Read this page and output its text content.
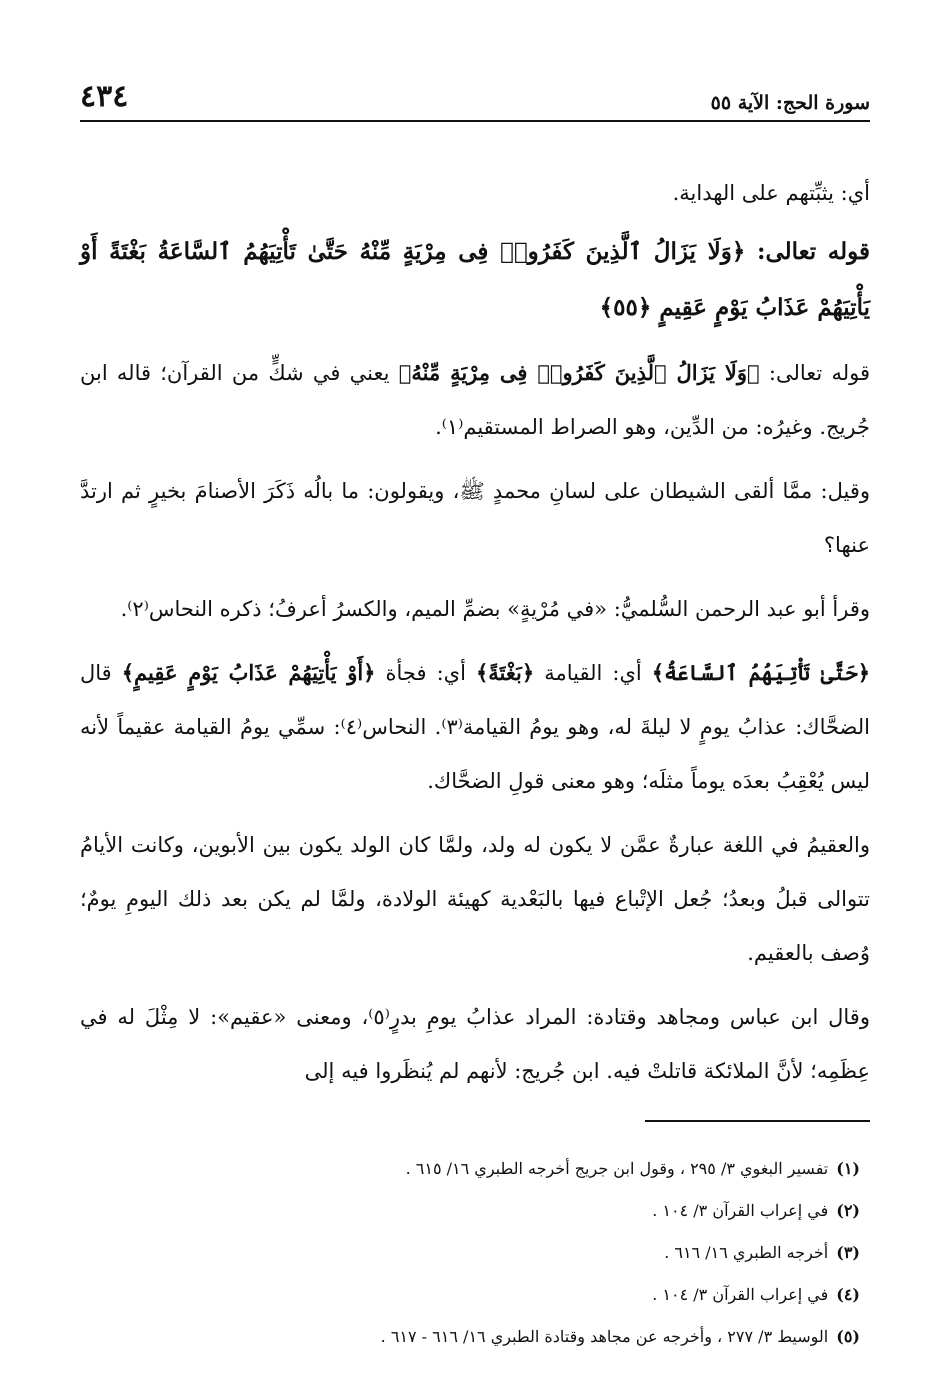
سورة الحج: الآية ٥٥
٤٣٤

أي: يثبِّتهم على الهداية.

قوله تعالى: ﴿وَلَا يَزَالُ ٱلَّذِينَ كَفَرُوا۟ فِى مِرْيَةٍ مِّنْهُ حَتَّىٰ تَأْتِيَهُمُ ٱلسَّاعَةُ بَغْتَةً أَوْ يَأْتِيَهُمْ عَذَابُ يَوْمٍ عَقِيمٍ ﴿٥٥﴾

قوله تعالى: ﴿وَلَا يَزَالُ ٱلَّذِينَ كَفَرُوا۟ فِى مِرْيَةٍ مِّنْهُ﴾ يعني في شكٍّ من القرآن؛ قاله ابن جُريج. وغيرُه: من الدِّين، وهو الصراط المستقيم⁽١⁾.

وقيل: ممَّا ألقى الشيطان على لسانِ محمدٍ ﷺ، ويقولون: ما بالُه ذَكَرَ الأصنامَ بخيرٍ ثم ارتدَّ عنها؟

وقرأ أبو عبد الرحمن السُّلميُّ: «في مُرْيةٍ» بضمِّ الميم، والكسرُ أعرفُ؛ ذكره النحاس⁽٢⁾.

﴿حَتَّىٰ تَأْتِيَهُمُ ٱلسَّاعَةُ﴾ أي: القيامة ﴿بَغْتَةً﴾ أي: فجأة ﴿أَوْ يَأْتِيَهُمْ عَذَابُ يَوْمٍ عَقِيمٍ﴾ قال الضحَّاك: عذابُ يومٍ لا ليلةَ له، وهو يومُ القيامة⁽٣⁾. النحاس⁽٤⁾: سمِّي يومُ القيامة عقيماً لأنه ليس يُعْقِبُ بعدَه يوماً مثلَه؛ وهو معنى قولِ الضحَّاك.

والعقيمُ في اللغة عبارةٌ عمَّن لا يكون له ولد، ولمَّا كان الولد يكون بين الأبوين، وكانت الأيامُ تتوالى قبلُ وبعدُ؛ جُعل الإتْباع فيها بالبَعْدية كهيئة الولادة، ولمَّا لم يكن بعد ذلك اليومِ يومٌ؛ وُصف بالعقيم.

وقال ابن عباس ومجاهد وقتادة: المراد عذابُ يومِ بدرٍ⁽٥⁾، ومعنى «عقيم»: لا مِثْلَ له في عِظَمِه؛ لأنَّ الملائكة قاتلتْ فيه. ابن جُريج: لأنهم لم يُنظَروا فيه إلى

(١)تفسير البغوي ٣/ ٢٩٥ ، وقول ابن جريج أخرجه الطبري ١٦/ ٦١٥ .
(٢)في إعراب القرآن ٣/ ١٠٤ .
(٣)أخرجه الطبري ١٦/ ٦١٦ .
(٤)في إعراب القرآن ٣/ ١٠٤ .
(٥)الوسيط ٣/ ٢٧٧ ، وأخرجه عن مجاهد وقتادة الطبري ١٦/ ٦١٦ - ٦١٧ .
